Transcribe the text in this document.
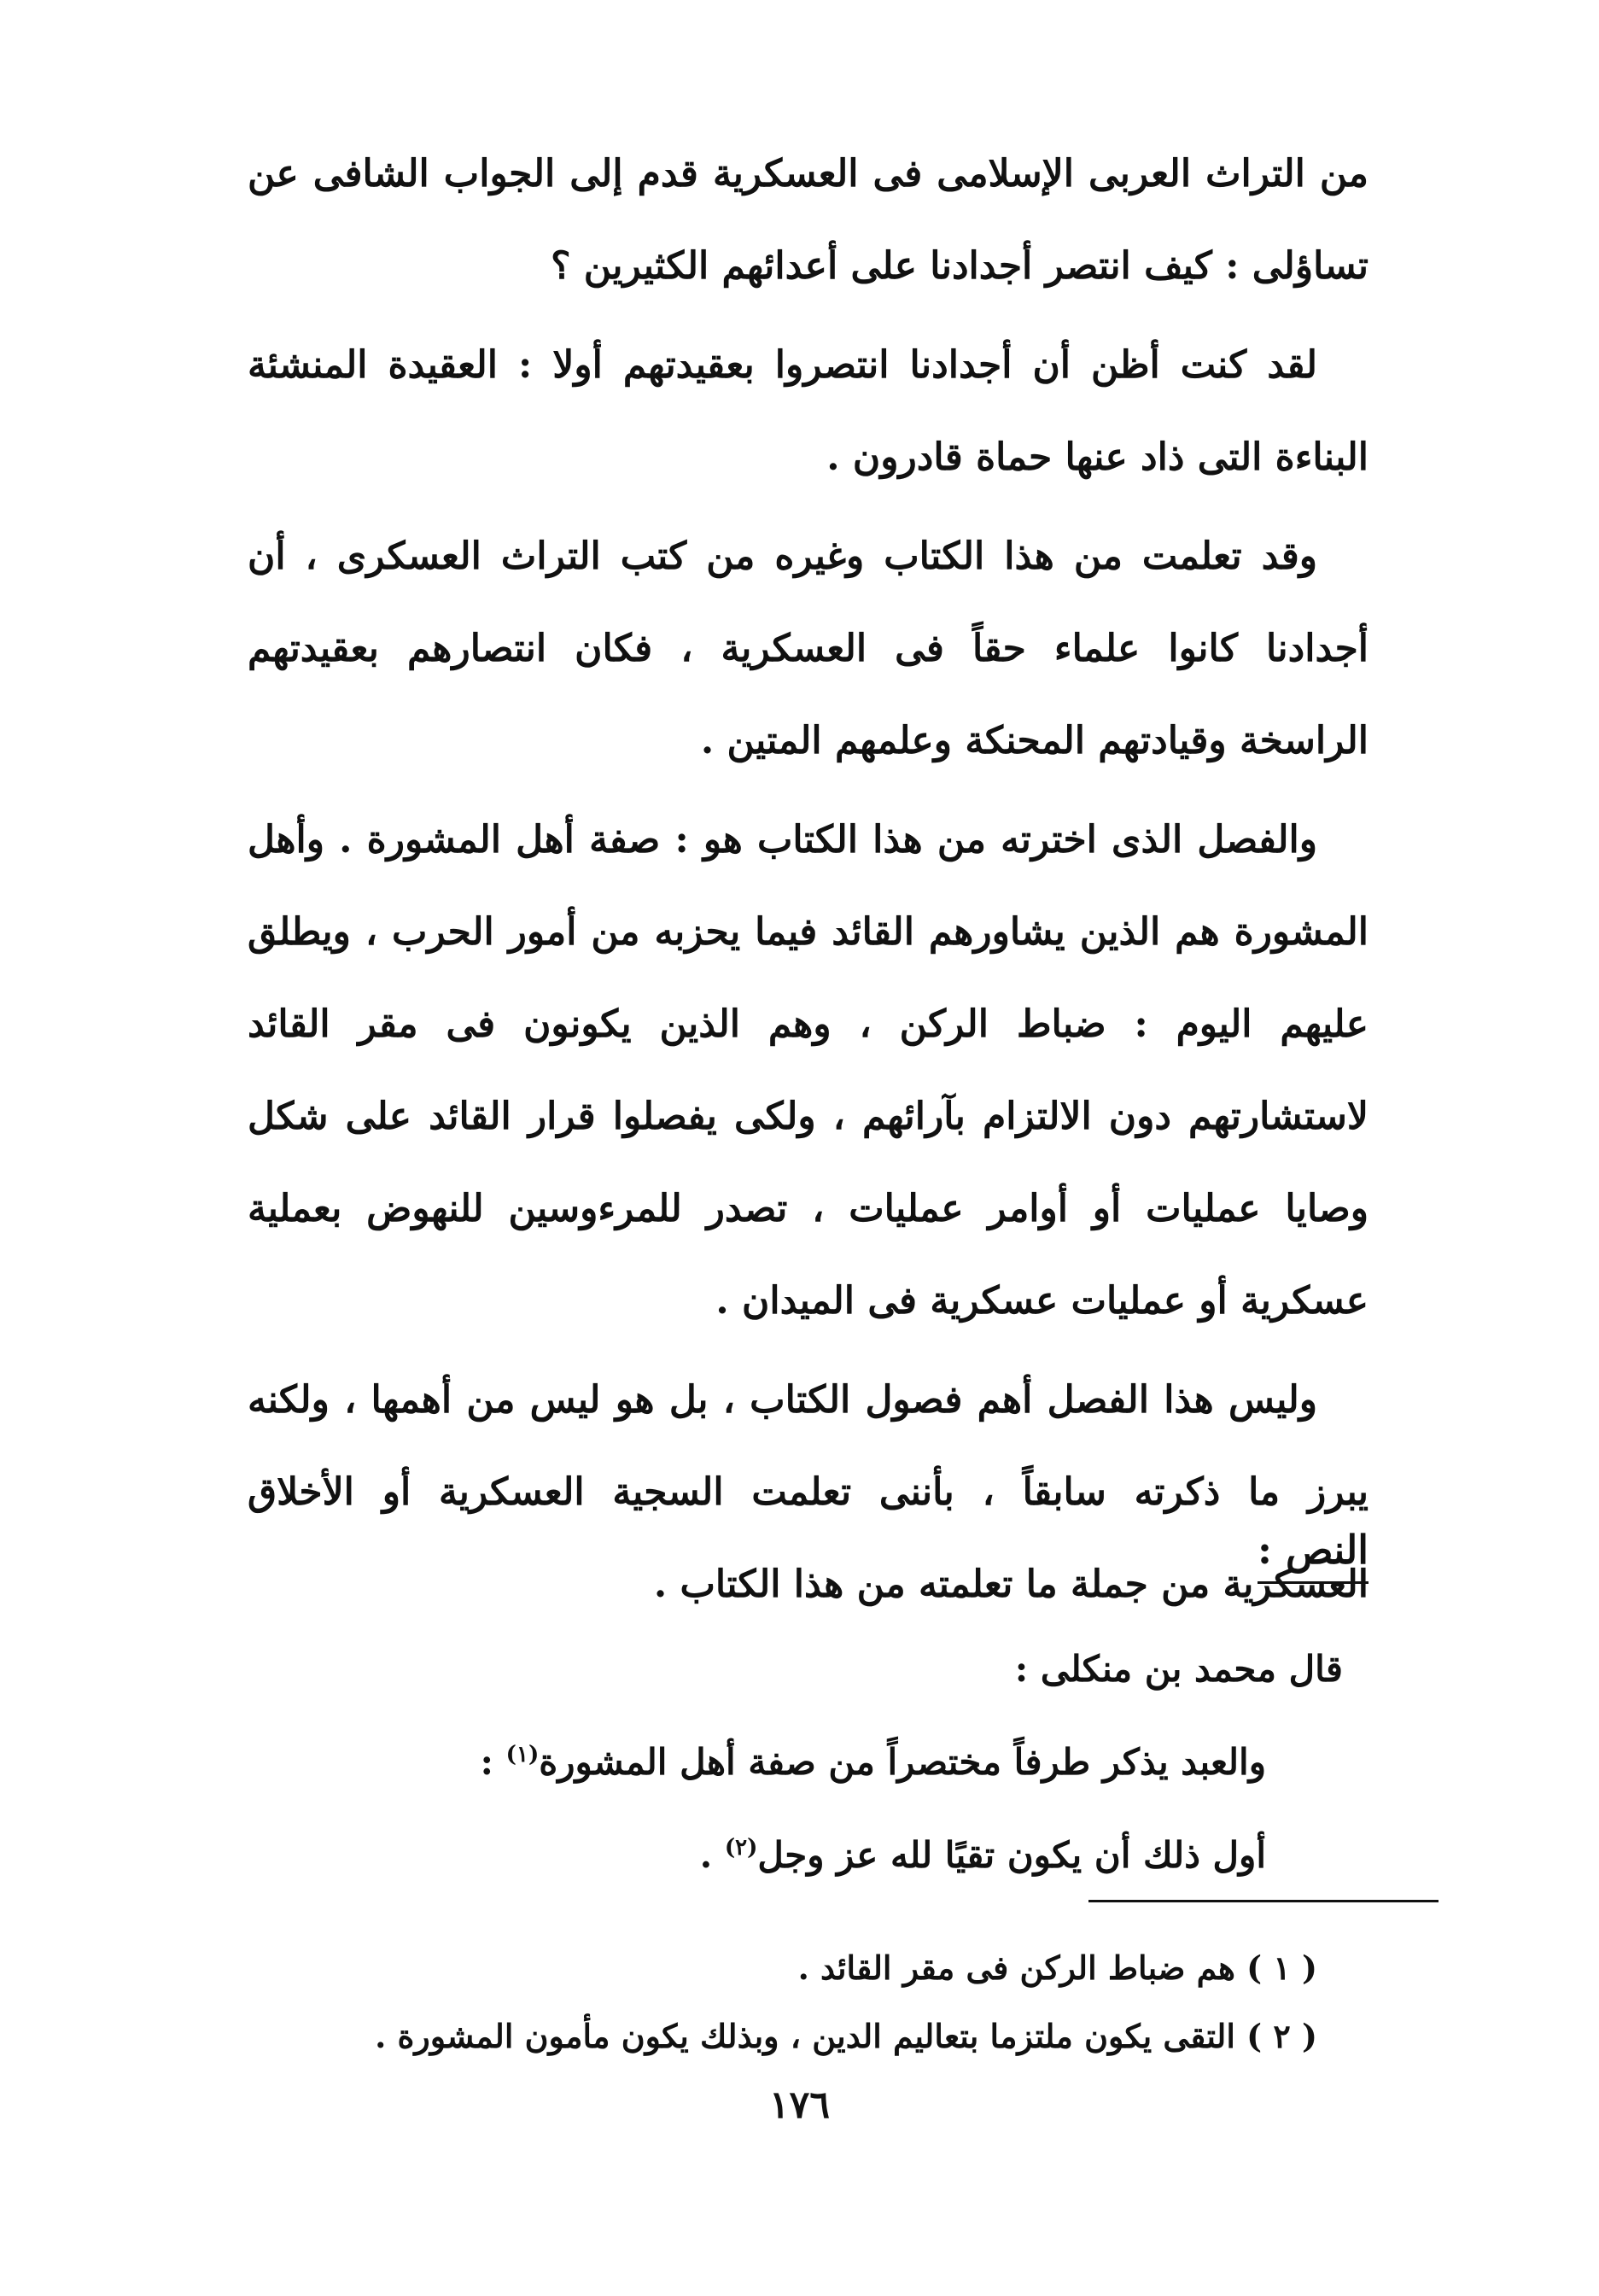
من التراث العربى الإسلامى فى العسكرية قدم إلى الجواب الشافى عن تساؤلى : كيف انتصر أجدادنا على أعدائهم الكثيرين ؟

لقد كنت أظن أن أجدادنا انتصروا بعقيدتهم أولا : العقيدة المنشئة البناءة التى ذاد عنها حماة قادرون .

وقد تعلمت من هذا الكتاب وغيره من كتب التراث العسكرى ، أن أجدادنا كانوا علماء حقاً فى العسكرية ، فكان انتصارهم بعقيدتهم الراسخة وقيادتهم المحنكة وعلمهم المتين .

والفصل الذى اخترته من هذا الكتاب هو : صفة أهل المشورة . وأهل المشورة هم الذين يشاورهم القائد فيما يحزبه من أمور الحرب ، ويطلق عليهم اليوم : ضباط الركن ، وهم الذين يكونون فى مقر القائد لاستشارتهم دون الالتزام بآرائهم ، ولكى يفصلوا قرار القائد على شكل وصايا عمليات أو أوامر عمليات ، تصدر للمرءوسين للنهوض بعملية عسكرية أو عمليات عسكرية فى الميدان .

وليس هذا الفصل أهم فصول الكتاب ، بل هو ليس من أهمها ، ولكنه يبرز ما ذكرته سابقاً ، بأننى تعلمت السجية العسكرية أو الأخلاق العسكرية من جملة ما تعلمته من هذا الكتاب .

النص :

قال محمد بن منكلى :

والعبد يذكر طرفاً مختصراً من صفة أهل المشورة$^{(١)}$ :

أول ذلك أن يكون تقيًا لله عز وجل$^{(٢)}$ .

( ١ ) هم ضباط الركن فى مقر القائد .

( ٢ ) التقى يكون ملتزما بتعاليم الدين ، وبذلك يكون مأمون المشورة .

١٧٦
